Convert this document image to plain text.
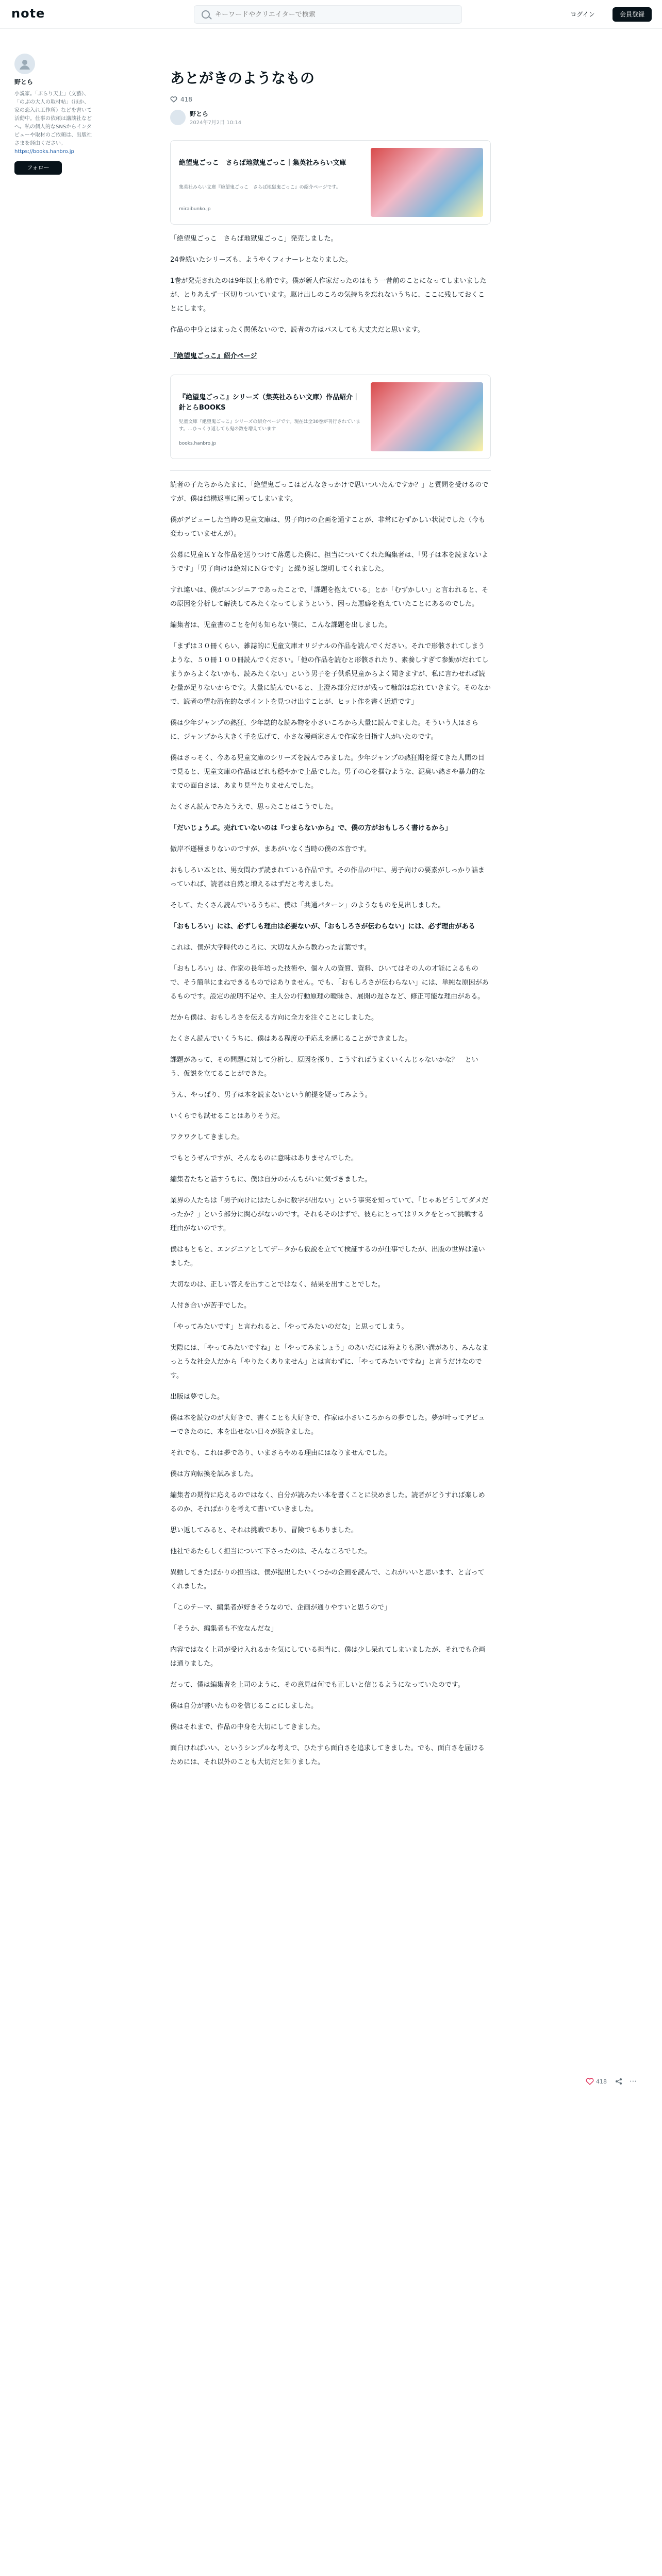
note
キーワードやクリエイターで検索	ログイン	会員登録
野とら
小説家。「ぶらり天上」（文藝）、「のぶの大人の取材帖」（ほか、家の恋入れ工作所）などを書いて活動中。仕事の依頼は講談社などへ。私の個人的なSNSからインタビューや取材のご依頼は、出版社さまを経由ください。
https://books.hanbro.jp
フォロー
あとがきのようなもの
418
野とら
2024年7月2日 10:14
絶望鬼ごっこ　さらば地獄鬼ごっこ｜集英社みらい文庫
集英社みらい文庫『絶望鬼ごっこ　さらば地獄鬼ごっこ』の紹介ページです。
miraibunko.jp

「絶望鬼ごっこ　さらば地獄鬼ごっこ」発売しました。

24巻続いたシリーズも、ようやくフィナーレとなりました。

1巻が発売されたのは9年以上も前です。僕が新人作家だったのはもう一昔前のことになってしまいましたが、とりあえず一区切りついています。駆け出しのころの気持ちを忘れないうちに、ここに残しておくことにします。

作品の中身とはまったく関係ないので、読者の方はパスしても大丈夫だと思います。

『絶望鬼ごっこ』紹介ページ
『絶望鬼ごっこ』シリーズ（集英社みらい文庫）作品紹介｜針とらBOOKS
児童文庫『絶望鬼ごっこ』シリーズの紹介ページです。現在は全30巻が刊行されています。…ひっくり返しても鬼の数を増えています
books.hanbro.jp

読者の子たちからたまに、「絶望鬼ごっこはどんなきっかけで思いついたんですか？」と質問を受けるのですが、僕は結構返事に困ってしまいます。

僕がデビューした当時の児童文庫は、男子向けの企画を通すことが、非常にむずかしい状況でした（今も変わっていませんが）。

公募に児童ＫＹな作品を送りつけて落選した僕に、担当についてくれた編集者は、「男子は本を読まないようです」「男子向けは絶対にＮＧです」と繰り返し説明してくれました。

すれ違いは、僕がエンジニアであったことで、「課題を抱えている」とか「むずかしい」と言われると、その原因を分析して解決してみたくなってしまうという、困った悪癖を抱えていたことにあるのでした。

編集者は、児童書のことを何も知らない僕に、こんな課題を出しました。

「まずは３０冊くらい、雑誌的に児童文庫オリジナルの作品を読んでください。それで形骸されてしまうような、５０冊１００冊読んでください。「他の作品を読むと形骸されたり、素養しすぎて参勤がだれてしまうからよくないかも、読みたくない」という男子を子供系児童からよく聞きますが、私に言わせれば読む量が足りないからです。大量に読んでいると、上澄み部分だけが残って糠部は忘れていきます。そのなかで、読者の望む潜在的なポイントを見つけ出すことが、ヒット作を書く近道です」

僕は少年ジャンプの熱狂、少年誌的な読み物を小さいころから大量に読んでました。そういう人はさらに、ジャンプから大きく手を広げて、小さな漫画家さんで作家を目指す人がいたのです。

僕はさっそく、今ある児童文庫のシリーズを読んでみました。少年ジャンプの熱狂期を経てきた人間の目で見ると、児童文庫の作品はどれも穏やかで上品でした。男子の心を掴むような、泥臭い熱さや暴力的なまでの面白さは、あまり見当たりませんでした。

たくさん読んでみたうえで、思ったことはこうでした。

「だいじょうぶ。売れていないのは『つまらないから』で、僕の方がおもしろく書けるから」

傲岸不遜極まりないのですが、まあがいなく当時の僕の本音です。

おもしろい本とは、男女問わず読まれている作品です。その作品の中に、男子向けの要素がしっかり詰まっていれば、読者は自然と増えるはずだと考えました。

そして、たくさん読んでいるうちに、僕は「共通パターン」のようなものを見出しました。

「おもしろい」には、必ずしも理由は必要ないが、「おもしろさが伝わらない」には、必ず理由がある

これは、僕が大学時代のころに、大切な人から教わった言葉です。

「おもしろい」は、作家の長年培った技術や、個々人の資質、資料、ひいてはその人の才能によるもので、そう簡単にまねできるものではありません。でも、「おもしろさが伝わらない」には、単純な原因があるものです。設定の説明不足や、主人公の行動原理の曖昧さ、展開の遅さなど、修正可能な理由がある。

だから僕は、おもしろさを伝える方向に全力を注ぐことにしました。

たくさん読んでいくうちに、僕はある程度の手応えを感じることができました。

課題があって、その問題に対して分析し、原因を探り、こうすればうまくいくんじゃないかな？　という、仮説を立てることができた。

うん、やっぱり、男子は本を読まないという前提を疑ってみよう。

いくらでも試せることはありそうだ。

ワクワクしてきました。

でもとうぜんですが、そんなものに意味はありませんでした。

編集者たちと話すうちに、僕は自分のかんちがいに気づきました。

業界の人たちは「男子向けにはたしかに数字が出ない」という事実を知っていて、「じゃあどうしてダメだったか？」という部分に関心がないのです。それもそのはずで、彼らにとってはリスクをとって挑戦する理由がないのです。

僕はもともと、エンジニアとしてデータから仮説を立てて検証するのが仕事でしたが、出版の世界は違いました。

大切なのは、正しい答えを出すことではなく、結果を出すことでした。

人付き合いが苦手でした。

「やってみたいです」と言われると、「やってみたいのだな」と思ってしまう。

実際には、「やってみたいですね」と「やってみましょう」のあいだには海よりも深い溝があり、みんなまっとうな社会人だから「やりたくありません」とは言わずに、「やってみたいですね」と言うだけなのです。

出版は夢でした。

僕は本を読むのが大好きで、書くことも大好きで、作家は小さいころからの夢でした。夢が叶ってデビューできたのに、本を出せない日々が続きました。

それでも、これは夢であり、いまさらやめる理由にはなりませんでした。

僕は方向転換を試みました。

編集者の期待に応えるのではなく、自分が読みたい本を書くことに決めました。読者がどうすれば楽しめるのか、そればかりを考えて書いていきました。

思い返してみると、それは挑戦であり、冒険でもありました。

他社であたらしく担当について下さったのは、そんなころでした。

異動してきたばかりの担当は、僕が提出したいくつかの企画を読んで、これがいいと思います、と言ってくれました。

「このテーマ、編集者が好きそうなので、企画が通りやすいと思うので」

「そうか、編集者も不安なんだな」

内容ではなく上司が受け入れるかを気にしている担当に、僕は少し呆れてしまいましたが、それでも企画は通りました。

だって、僕は編集者を上司のように、その意見は何でも正しいと信じるようになっていたのです。

僕は自分が書いたものを信じることにしました。

僕はそれまで、作品の中身を大切にしてきました。

面白ければいい、というシンプルな考えで、ひたすら面白さを追求してきました。でも、面白さを届けるためには、それ以外のことも大切だと知りました。

418	⋯
